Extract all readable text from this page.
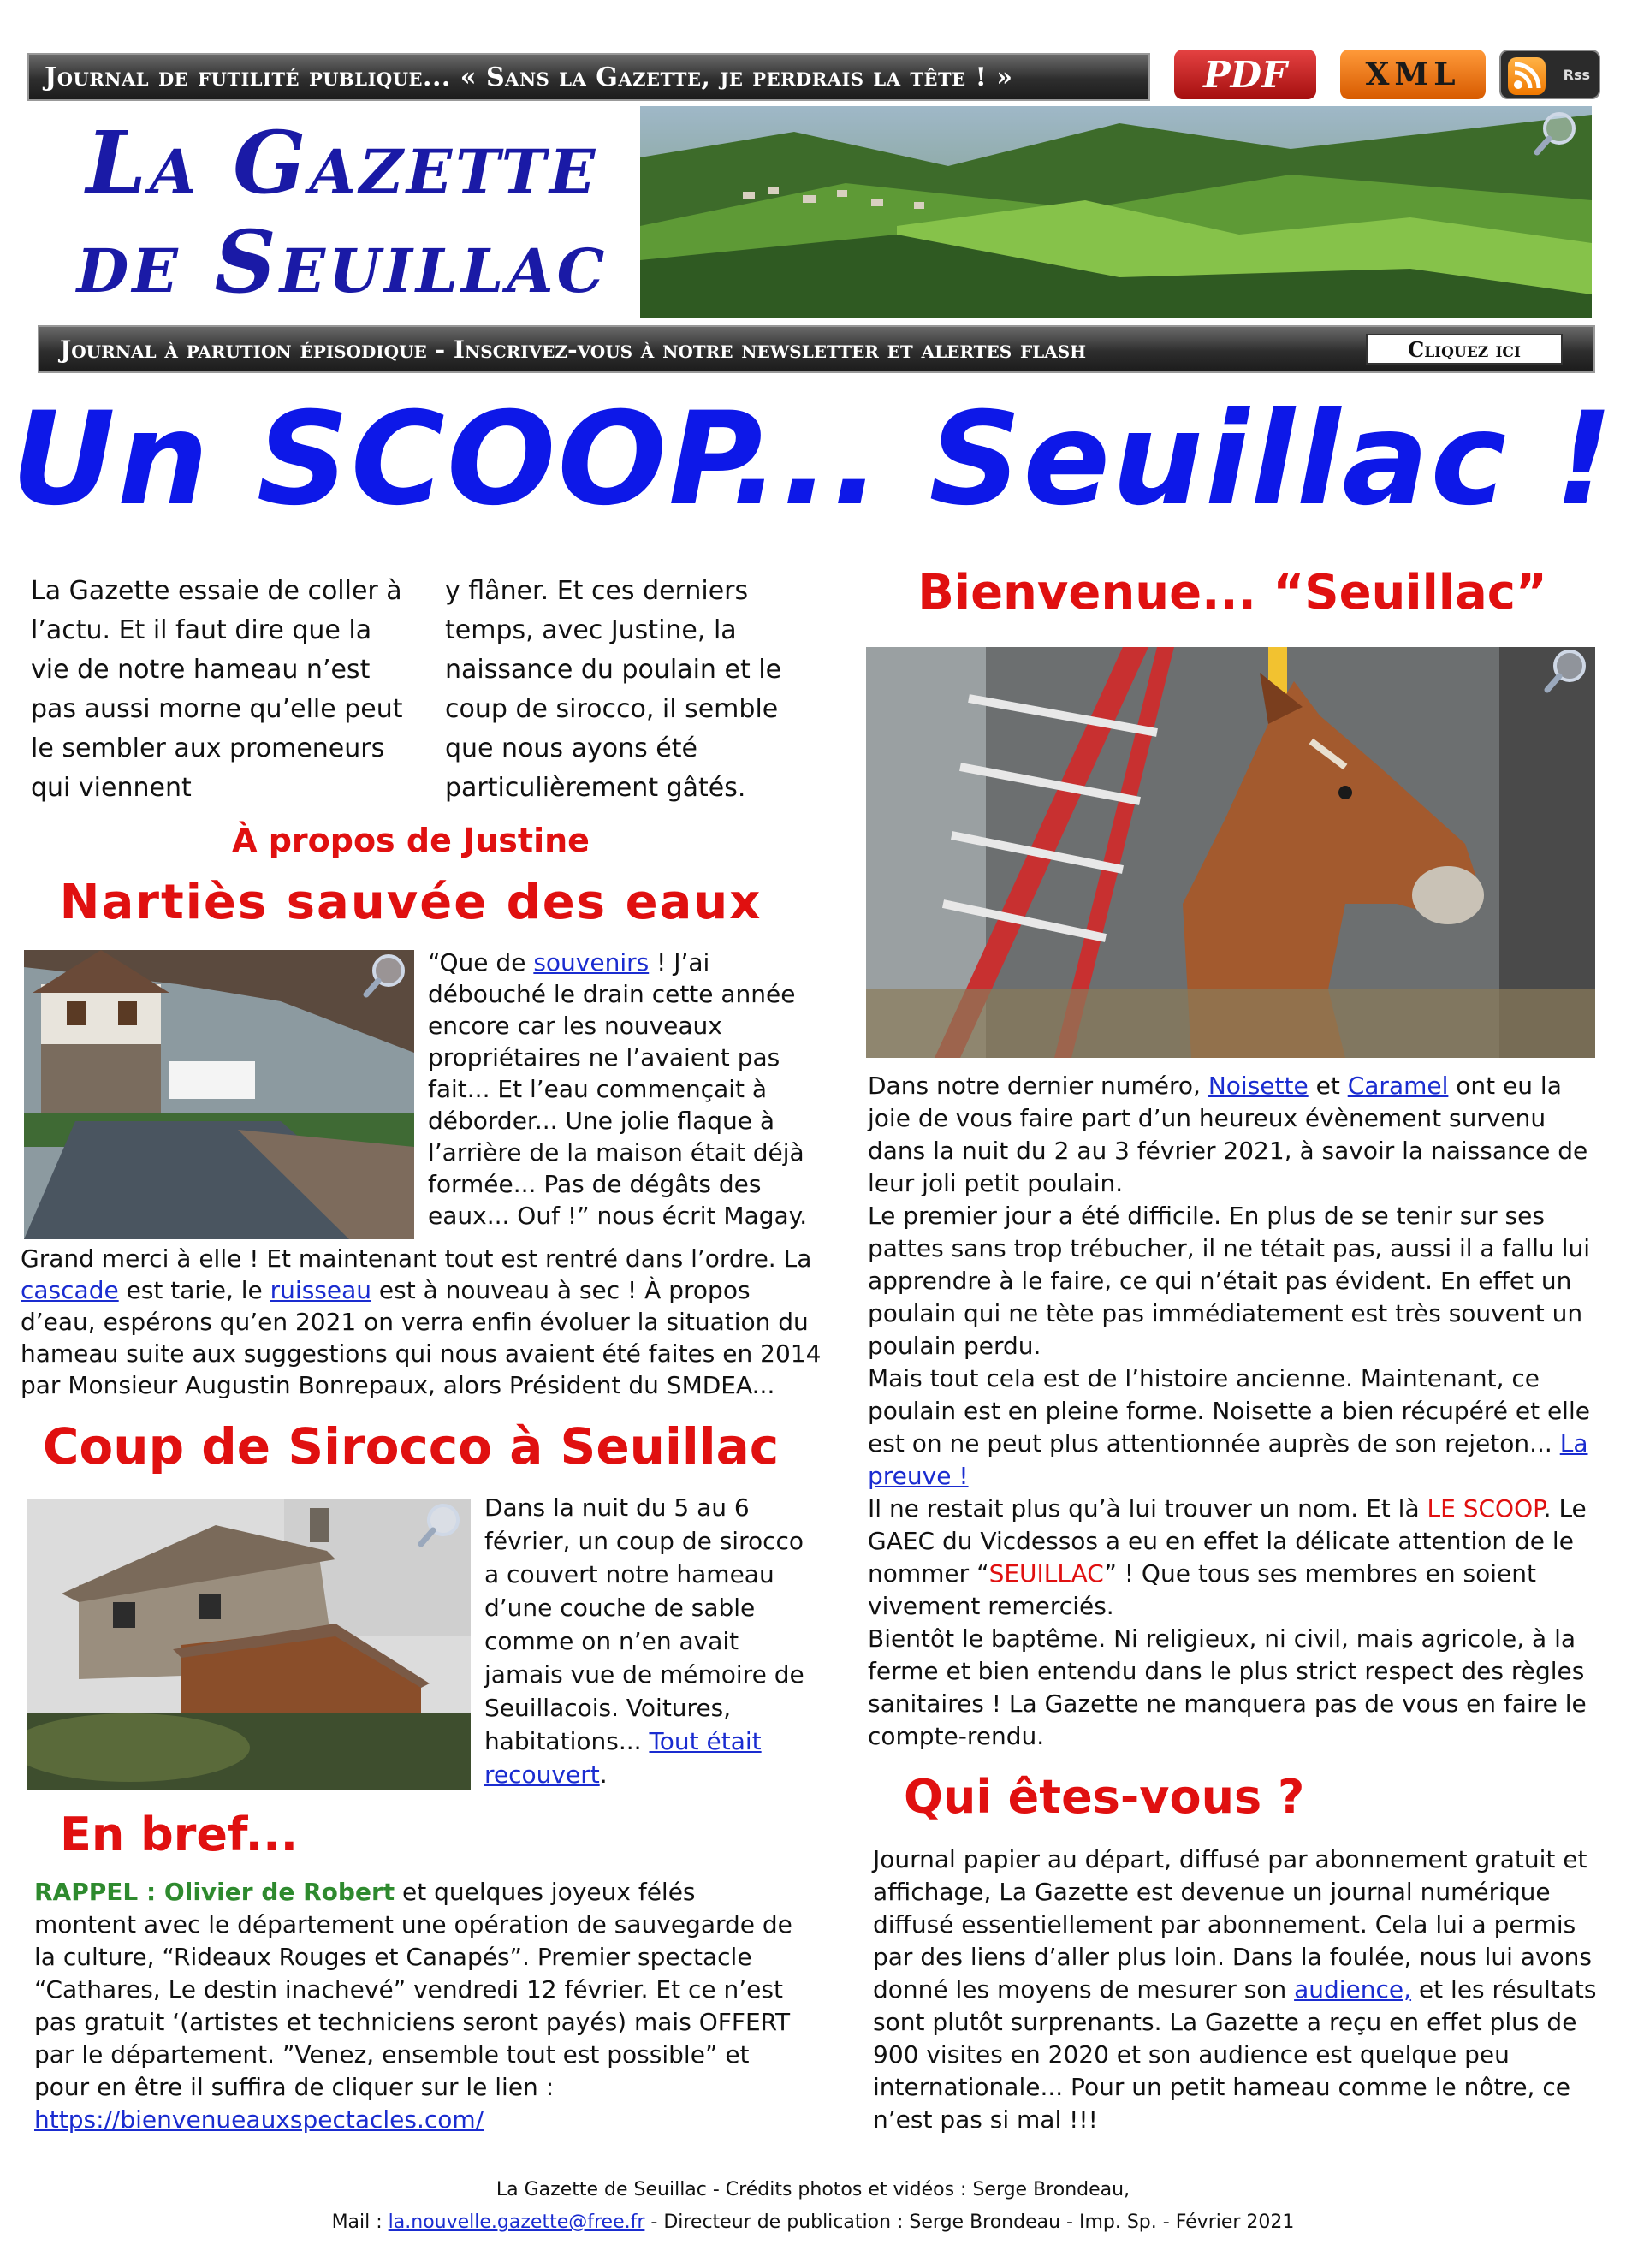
Journal de futilité publique... « Sans la Gazette, je perdrais la tête ! »	PDF	XML	Rss
La Gazette
de Seuillac
Journal à parution épisodique - Inscrivez-vous à notre newsletter et alertes flash	Cliquez ici
Un SCOOP... Seuillac !
La Gazette essaie de coller à l’actu. Et il faut dire que la vie de notre hameau n’est pas aussi morne qu’elle peut le sembler aux promeneurs qui viennent
y flâner. Et ces derniers temps, avec Justine, la naissance du poulain et le coup de sirocco, il semble que nous ayons été particulièrement gâtés.
À propos de Justine
Nartiès sauvée des eaux
“Que de souvenirs ! J’ai débouché le drain cette année encore car les nouveaux propriétaires ne l’avaient pas fait... Et l’eau commençait à déborder... Une jolie flaque à l’arrière de la maison était déjà formée... Pas de dégâts des eaux... Ouf !” nous écrit Magay.
Grand merci à elle ! Et maintenant tout est rentré dans l’ordre. La cascade est tarie, le ruisseau est à nouveau à sec ! À propos d’eau, espérons qu’en 2021 on verra enfin évoluer la situation du hameau suite aux suggestions qui nous avaient été faites en 2014 par Monsieur Augustin Bonrepaux, alors Président du SMDEA...
Coup de Sirocco à Seuillac
Dans la nuit du 5 au 6 février, un coup de sirocco a couvert notre hameau d’une couche de sable comme on n’en avait jamais vue de mémoire de Seuillacois. Voitures, habitations... Tout était recouvert.
En bref...
RAPPEL : Olivier de Robert et quelques joyeux félés montent avec le département une opération de sauvegarde de la culture, “Rideaux Rouges et Canapés”. Premier spectacle “Cathares, Le destin inachevé” vendredi 12 février. Et ce n’est pas gratuit ‘(artistes et techniciens seront payés) mais OFFERT par le département. ”Venez, ensemble tout est possible” et pour en être il suffira de cliquer sur le lien : https://bienvenueauxspectacles.com/
Bienvenue... “Seuillac”
Dans notre dernier numéro, Noisette et Caramel ont eu la joie de vous faire part d’un heureux évènement survenu dans la nuit du 2 au 3 février 2021, à savoir la naissance de leur joli petit poulain.
Le premier jour a été difficile. En plus de se tenir sur ses pattes sans trop trébucher, il ne tétait pas, aussi il a fallu lui apprendre à le faire, ce qui n’était pas évident. En effet un poulain qui ne tète pas immédiatement est très souvent un poulain perdu.
Mais tout cela est de l’histoire ancienne. Maintenant, ce poulain est en pleine forme. Noisette a bien récupéré et elle est on ne peut plus attentionnée auprès de son rejeton... La preuve !
Il ne restait plus qu’à lui trouver un nom. Et là LE SCOOP. Le GAEC du Vicdessos a eu en effet la délicate attention de le nommer “SEUILLAC” ! Que tous ses membres en soient vivement remerciés.
Bientôt le baptême. Ni religieux, ni civil, mais agricole, à la ferme et bien entendu dans le plus strict respect des règles sanitaires ! La Gazette ne manquera pas de vous en faire le compte-rendu.
Qui êtes-vous ?
Journal papier au départ, diffusé par abonnement gratuit et affichage, La Gazette est devenue un journal numérique diffusé essentiellement par abonnement. Cela lui a permis par des liens d’aller plus loin. Dans la foulée, nous lui avons donné les moyens de mesurer son audience, et les résultats sont plutôt surprenants. La Gazette a reçu en effet plus de 900 visites en 2020 et son audience est quelque peu internationale... Pour un petit hameau comme le nôtre, ce n’est pas si mal !!!
La Gazette de Seuillac - Crédits photos et vidéos : Serge Brondeau,
Mail : la.nouvelle.gazette@free.fr - Directeur de publication : Serge Brondeau - Imp. Sp. - Février 2021
